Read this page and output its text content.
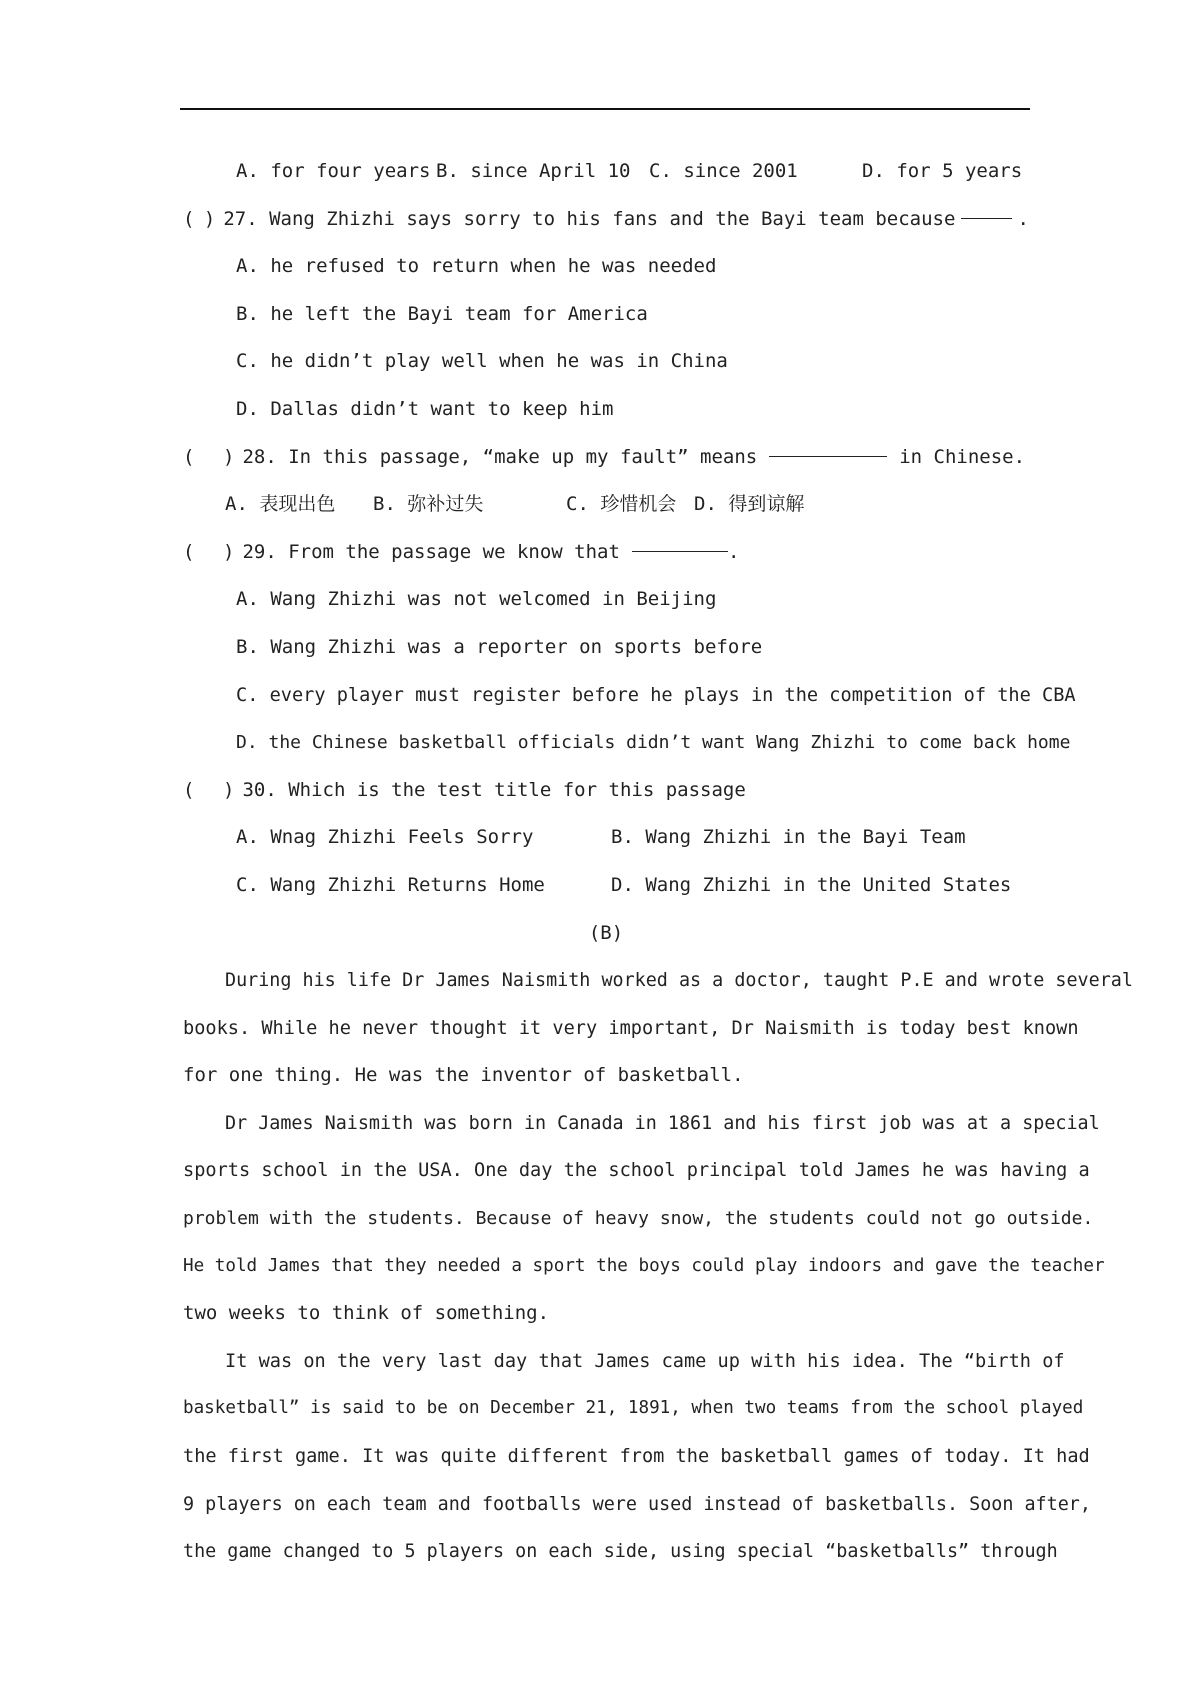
A. for four years B. since April 10 C. since 2001	D. for 5 years
( ) 27. Wang Zhizhi says sorry to his fans and the Bayi team because	.
A. he refused to return when he was needed
B. he left the Bayi team for America
C. he didn’t play well when he was in China
D. Dallas didn’t want to keep him
(	) 28. In this passage, “make up my fault” means	in Chinese.
A. 表现出色	B. 弥补过失	C. 珍惜机会 D. 得到谅解
(	) 29. From the passage we know that	.
A. Wang Zhizhi was not welcomed in Beijing
B. Wang Zhizhi was a reporter on sports before
C. every player must register before he plays in the competition of the CBA
D. the Chinese basketball officials didn’t want Wang Zhizhi to come back home
(	) 30. Which is the test title for this passage
A. Wnag Zhizhi Feels Sorry	B. Wang Zhizhi in the Bayi Team
C. Wang Zhizhi Returns Home	D. Wang Zhizhi in the United States
(B)
During his life Dr James Naismith worked as a doctor, taught P.E and wrote several
books. While he never thought it very important, Dr Naismith is today best known
for one thing. He was the inventor of basketball.
Dr James Naismith was born in Canada in 1861 and his first job was at a special
sports school in the USA. One day the school principal told James he was having a
problem with the students. Because of heavy snow, the students could not go outside.
He told James that they needed a sport the boys could play indoors and gave the teacher
two weeks to think of something.
It was on the very last day that James came up with his idea. The “birth of
basketball” is said to be on December 21, 1891, when two teams from the school played
the first game. It was quite different from the basketball games of today. It had
9 players on each team and footballs were used instead of basketballs. Soon after,
the game changed to 5 players on each side, using special “basketballs” through
